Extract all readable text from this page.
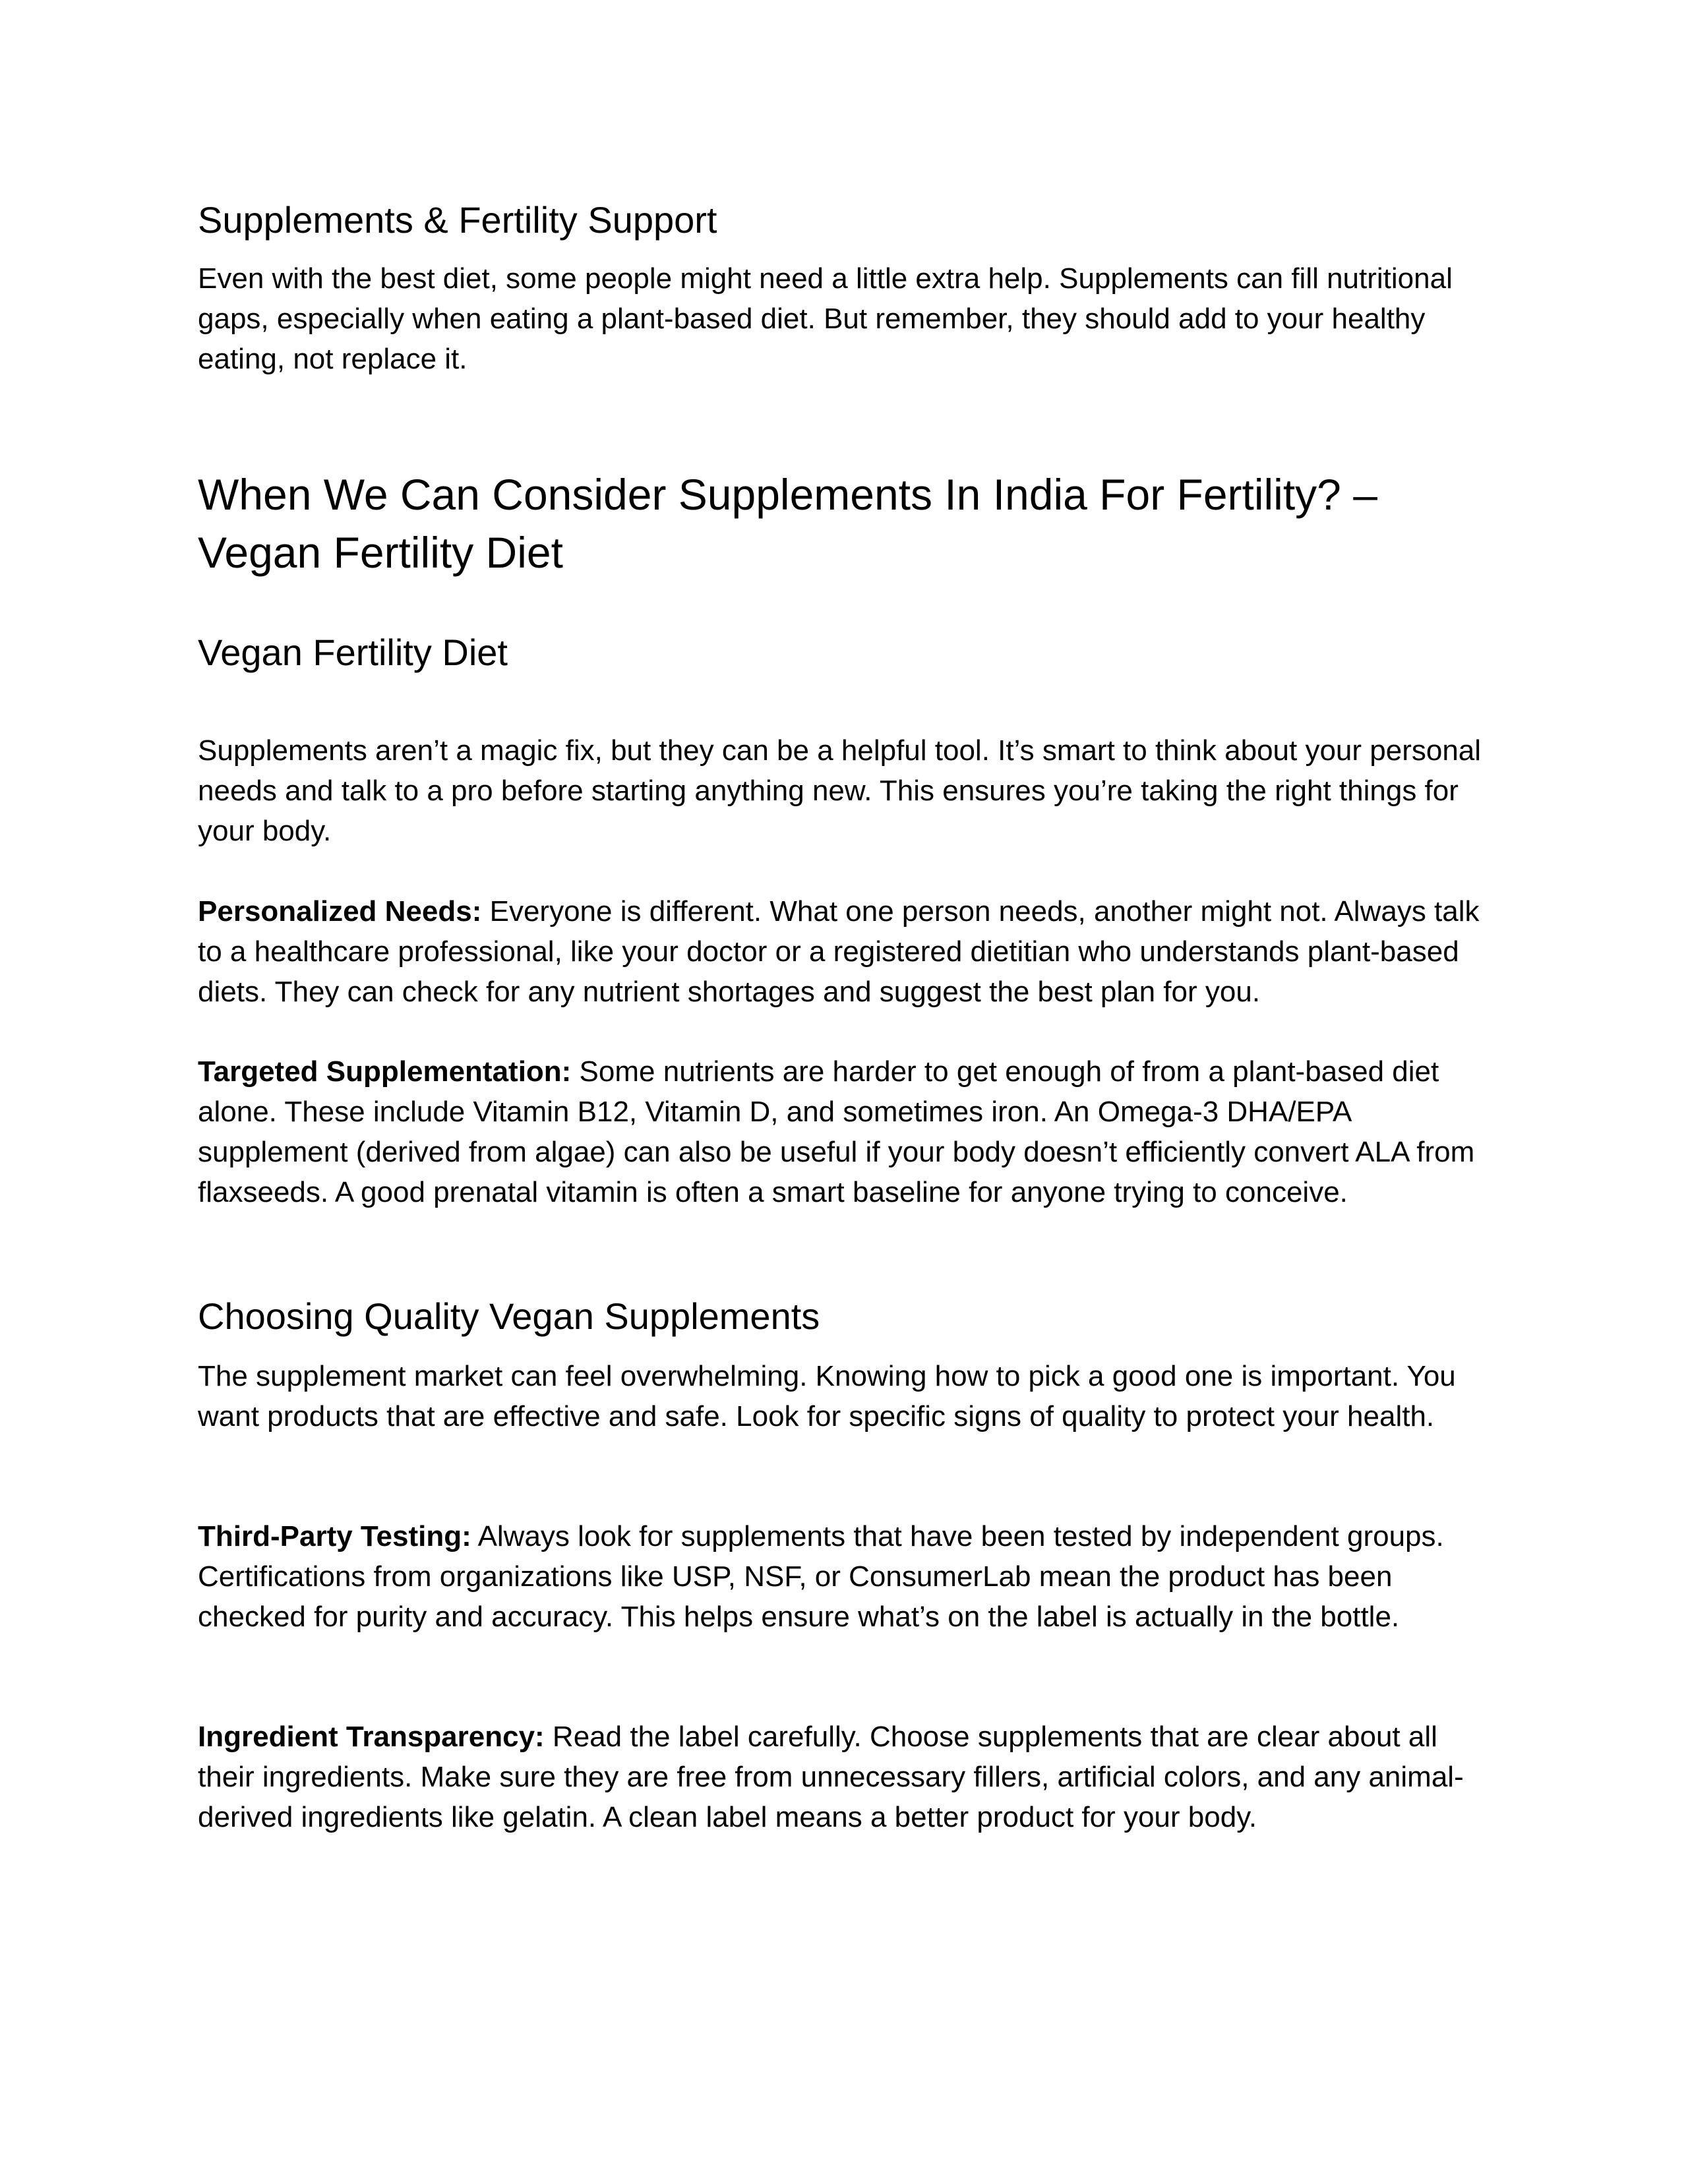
Supplements & Fertility Support

Even with the best diet, some people might need a little extra help. Supplements can fill nutritional gaps, especially when eating a plant-based diet. But remember, they should add to your healthy eating, not replace it.

When We Can Consider Supplements In India For Fertility? – Vegan Fertility Diet
Vegan Fertility Diet

Supplements aren’t a magic fix, but they can be a helpful tool. It’s smart to think about your personal needs and talk to a pro before starting anything new. This ensures you’re taking the right things for your body.

Personalized Needs: Everyone is different. What one person needs, another might not. Always talk to a healthcare professional, like your doctor or a registered dietitian who understands plant-based diets. They can check for any nutrient shortages and suggest the best plan for you.

Targeted Supplementation: Some nutrients are harder to get enough of from a plant-based diet alone. These include Vitamin B12, Vitamin D, and sometimes iron. An Omega-3 DHA/EPA supplement (derived from algae) can also be useful if your body doesn’t efficiently convert ALA from flaxseeds. A good prenatal vitamin is often a smart baseline for anyone trying to conceive.

Choosing Quality Vegan Supplements

The supplement market can feel overwhelming. Knowing how to pick a good one is important. You want products that are effective and safe. Look for specific signs of quality to protect your health.

Third-Party Testing: Always look for supplements that have been tested by independent groups. Certifications from organizations like USP, NSF, or ConsumerLab mean the product has been checked for purity and accuracy. This helps ensure what’s on the label is actually in the bottle.

Ingredient Transparency: Read the label carefully. Choose supplements that are clear about all their ingredients. Make sure they are free from unnecessary fillers, artificial colors, and any animal-derived ingredients like gelatin. A clean label means a better product for your body.
